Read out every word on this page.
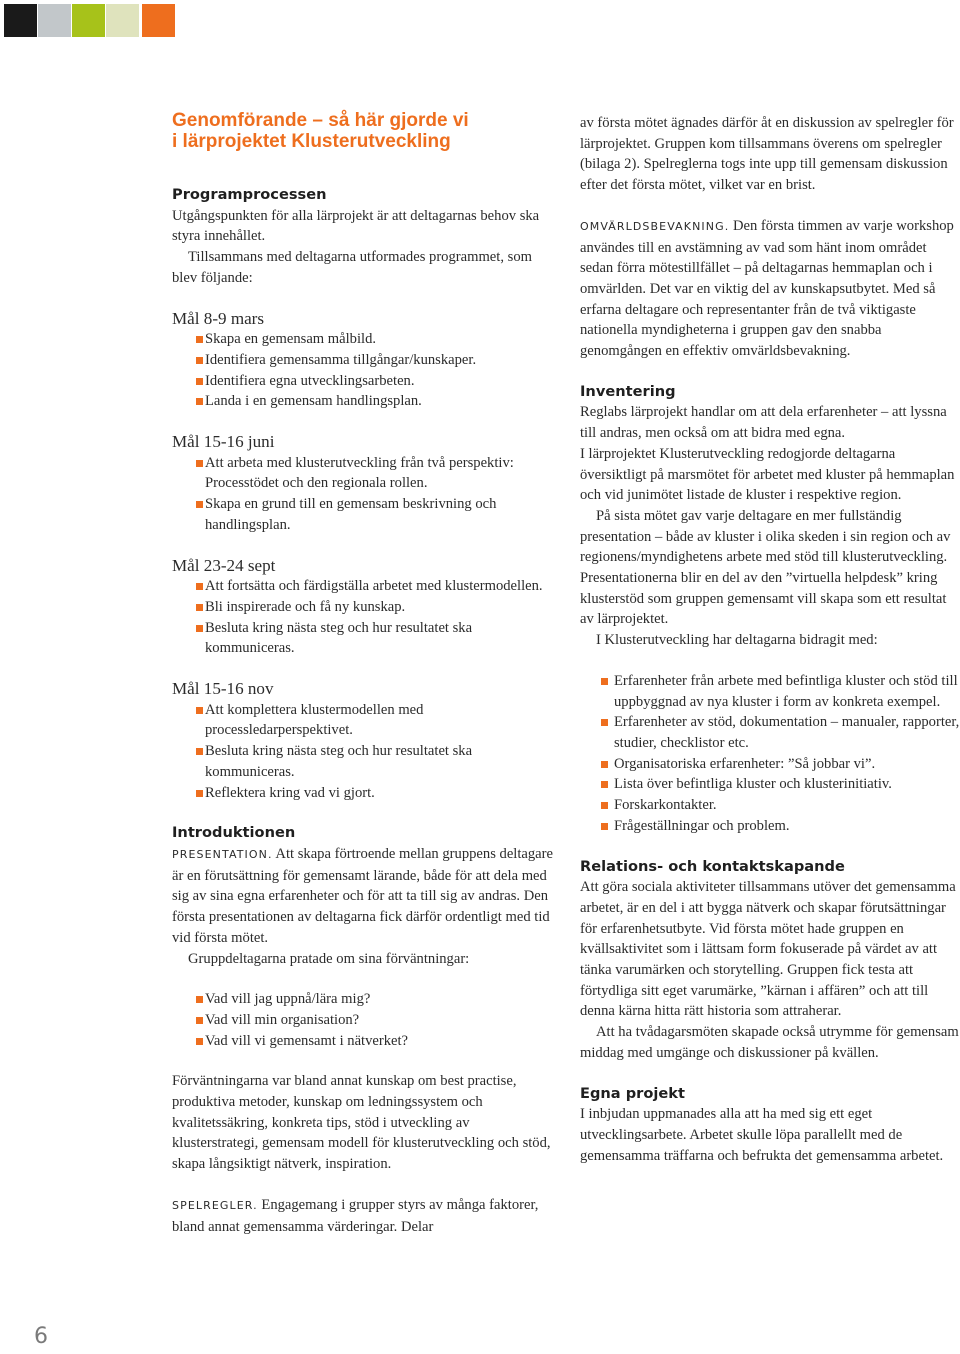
Genomförande – så här gjorde vi
i lärprojektet Klusterutveckling
Programprocessen

Utgångspunkten för alla lärprojekt är att deltagarnas behov ska styra innehållet.

Tillsammans med deltagarna utformades programmet, som blev följande:

Mål 8-9 mars
Skapa en gemensam målbild.
Identifiera gemensamma tillgångar/kunskaper.
Identifiera egna utvecklingsarbeten.
Landa i en gemensam handlingsplan.
Mål 15-16 juni
Att arbeta med klusterutveckling från två perspektiv: Processtödet och den regionala rollen.
Skapa en grund till en gemensam beskrivning och handlingsplan.
Mål 23-24 sept
Att fortsätta och färdigställa arbetet med klustermodellen.
Bli inspirerade och få ny kunskap.
Besluta kring nästa steg och hur resultatet ska kommuniceras.
Mål 15-16 nov
Att komplettera klustermodellen med processledarperspektivet.
Besluta kring nästa steg och hur resultatet ska kommuniceras.
Reflektera kring vad vi gjort.
Introduktionen

PRESENTATION. Att skapa förtroende mellan gruppens deltagare är en förutsättning för gemensamt lärande, både för att dela med sig av sina egna erfarenheter och för att ta till sig av andras. Den första presentationen av deltagarna fick därför ordentligt med tid vid första mötet.

Gruppdeltagarna pratade om sina förväntningar:

Vad vill jag uppnå/lära mig?
Vad vill min organisation?
Vad vill vi gemensamt i nätverket?

Förväntningarna var bland annat kunskap om best practise, produktiva metoder, kunskap om ledningssystem och kvalitetssäkring, konkreta tips, stöd i utveckling av klusterstrategi, gemensam modell för klusterutveckling och stöd, skapa långsiktigt nätverk, inspiration.

SPELREGLER. Engagemang i grupper styrs av många faktorer, bland annat gemensamma värderingar. Delar

av första mötet ägnades därför åt en diskussion av spelregler för lärprojektet. Gruppen kom tillsammans överens om spelregler (bilaga 2). Spelreglerna togs inte upp till gemensam diskussion efter det första mötet, vilket var en brist.

OMVÄRLDSBEVAKNING. Den första timmen av varje workshop användes till en avstämning av vad som hänt inom området sedan förra mötestillfället – på deltagarnas hemmaplan och i omvärlden. Det var en viktig del av kunskapsutbytet. Med så erfarna deltagare och representanter från de två viktigaste nationella myndigheterna i gruppen gav den snabba genomgången en effektiv omvärldsbevakning.

Inventering

Reglabs lärprojekt handlar om att dela erfarenheter – att lyssna till andras, men också om att bidra med egna.

I lärprojektet Klusterutveckling redogjorde deltagarna översiktligt på marsmötet för arbetet med kluster på hemmaplan och vid junimötet listade de kluster i respektive region.

På sista mötet gav varje deltagare en mer fullständig presentation – både av kluster i olika skeden i sin region och av regionens/myndighetens arbete med stöd till klusterutveckling. Presentationerna blir en del av den ”virtuella helpdesk” kring klusterstöd som gruppen gemensamt vill skapa som ett resultat av lärprojektet.

I Klusterutveckling har deltagarna bidragit med:

Erfarenheter från arbete med befintliga kluster och stöd till uppbyggnad av nya kluster i form av konkreta exempel.
Erfarenheter av stöd, dokumentation – manualer, rapporter, studier, checklistor etc.
Organisatoriska erfarenheter: ”Så jobbar vi”.
Lista över befintliga kluster och klusterinitiativ.
Forskarkontakter.
Frågeställningar och problem.
Relations- och kontaktskapande

Att göra sociala aktiviteter tillsammans utöver det gemensamma arbetet, är en del i att bygga nätverk och skapar förutsättningar för erfarenhetsutbyte. Vid första mötet hade gruppen en kvällsaktivitet som i lättsam form fokuserade på värdet av att tänka varumärken och storytelling. Gruppen fick testa att förtydliga sitt eget varumärke, ”kärnan i affären” och att till denna kärna hitta rätt historia som attraherar.

Att ha tvådagarsmöten skapade också utrymme för gemensam middag med umgänge och diskussioner på kvällen.

Egna projekt

I inbjudan uppmanades alla att ha med sig ett eget utvecklingsarbete. Arbetet skulle löpa parallellt med de gemensamma träffarna och befrukta det gemensamma arbetet.

6
